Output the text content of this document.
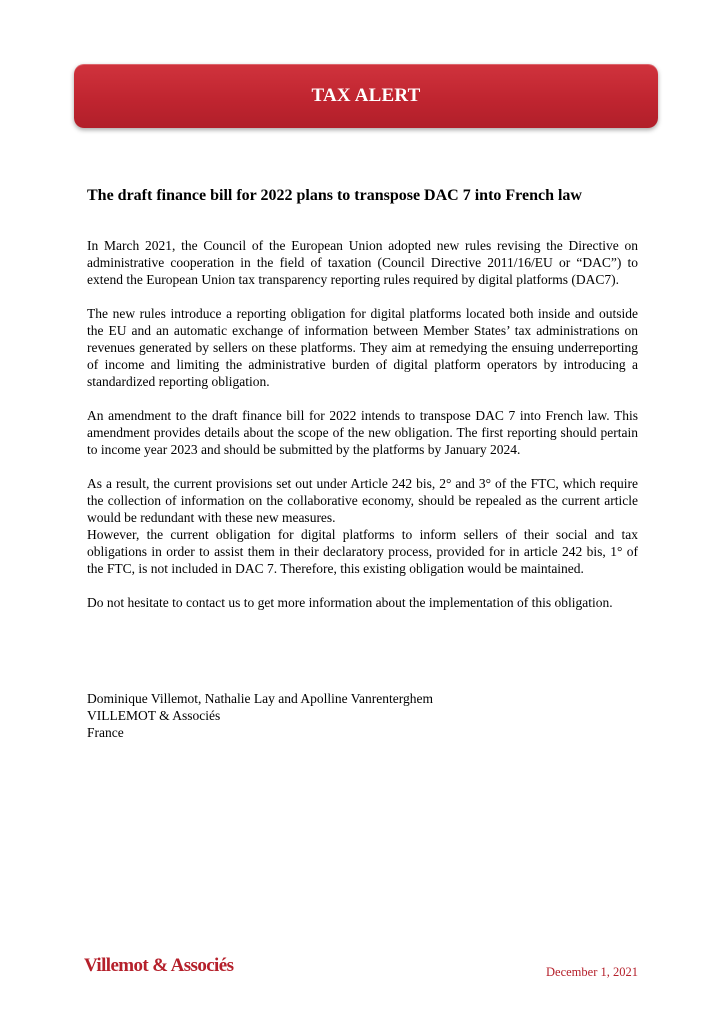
TAX ALERT
The draft finance bill for 2022 plans to transpose DAC 7 into French law

In March 2021, the Council of the European Union adopted new rules revising the Directive on administrative cooperation in the field of taxation (Council Directive 2011/16/EU or “DAC”) to extend the European Union tax transparency reporting rules required by digital platforms (DAC7).

The new rules introduce a reporting obligation for digital platforms located both inside and outside the EU and an automatic exchange of information between Member States’ tax administrations on revenues generated by sellers on these platforms. They aim at remedying the ensuing underreporting of income and limiting the administrative burden of digital platform operators by introducing a standardized reporting obligation.

An amendment to the draft finance bill for 2022 intends to transpose DAC 7 into French law. This amendment provides details about the scope of the new obligation. The first reporting should pertain to income year 2023 and should be submitted by the platforms by January 2024.

As a result, the current provisions set out under Article 242 bis, 2° and 3° of the FTC, which require the collection of information on the collaborative economy, should be repealed as the current article would be redundant with these new measures.

However, the current obligation for digital platforms to inform sellers of their social and tax obligations in order to assist them in their declaratory process, provided for in article 242 bis, 1° of the FTC, is not included in DAC 7. Therefore, this existing obligation would be maintained.

Do not hesitate to contact us to get more information about the implementation of this obligation.

Dominique Villemot, Nathalie Lay and Apolline Vanrenterghem
VILLEMOT & Associés
France
Villemot & Associés	December 1, 2021
